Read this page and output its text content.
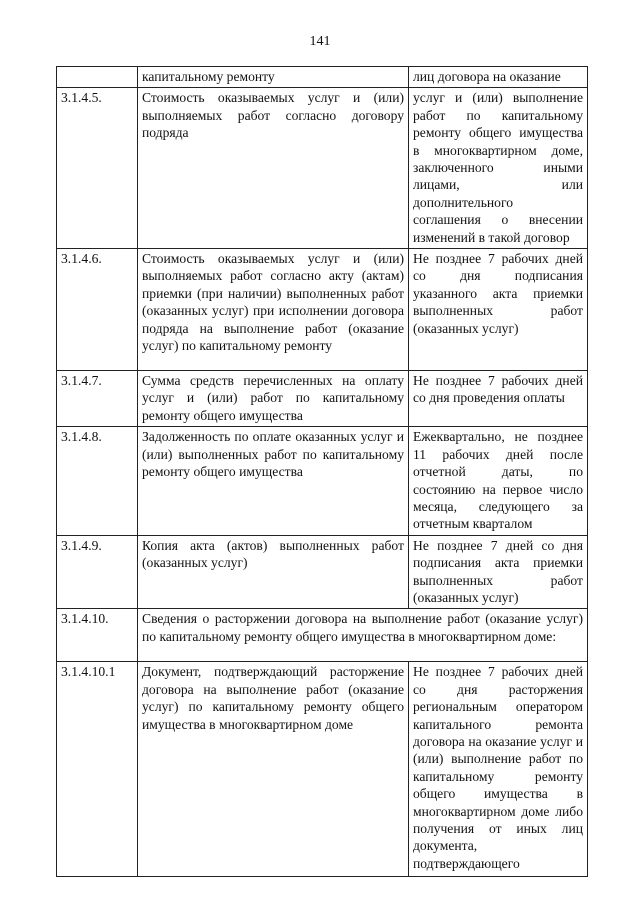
141
	капитальному ремонту	лиц договора на оказание
3.1.4.5.	Стоимость оказываемых услуг и (или) выполняемых работ согласно договору подряда	услуг и (или) выполнение работ по капитальному ремонту общего имущества в многоквартирном доме, заключенного иными лицами, или дополнительного соглашения о внесении изменений в такой договор
3.1.4.6.	Стоимость оказываемых услуг и (или) выполняемых работ согласно акту (актам) приемки (при наличии) выполненных работ (оказанных услуг) при исполнении договора подряда на выполнение работ (оказание услуг) по капитальному ремонту	Не позднее 7 рабочих дней со дня подписания указанного акта приемки выполненных работ (оказанных услуг)
3.1.4.7.	Сумма средств перечисленных на оплату услуг и (или) работ по капитальному ремонту общего имущества	Не позднее 7 рабочих дней со дня проведения оплаты
3.1.4.8.	Задолженность по оплате оказанных услуг и (или) выполненных работ по капитальному ремонту общего имущества	Ежеквартально, не позднее 11 рабочих дней после отчетной даты, по состоянию на первое число месяца, следующего за отчетным кварталом
3.1.4.9.	Копия акта (актов) выполненных работ (оказанных услуг)	Не позднее 7 дней со дня подписания акта приемки выполненных работ (оказанных услуг)
3.1.4.10.	Сведения о расторжении договора на выполнение работ (оказание услуг) по капитальному ремонту общего имущества в многоквартирном доме:	
3.1.4.10.1	Документ, подтверждающий расторжение договора на выполнение работ (оказание услуг) по капитальному ремонту общего имущества в многоквартирном доме	Не позднее 7 рабочих дней со дня расторжения региональным оператором капитального ремонта договора на оказание услуг и (или) выполнение работ по капитальному ремонту общего имущества в многоквартирном доме либо получения от иных лиц документа, подтверждающего
